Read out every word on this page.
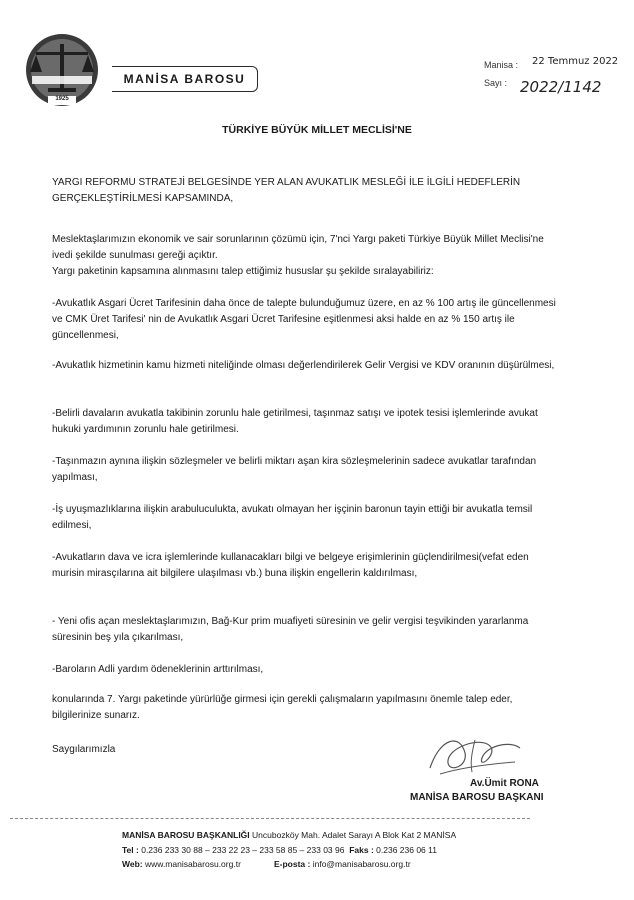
1925
MANİSA BAROSU
Manisa : 22 Temmuz 2022
Sayı : 2022/1142
TÜRKİYE BÜYÜK MİLLET MECLİSİ'NE
YARGI REFORMU STRATEJİ BELGESİNDE YER ALAN AVUKATLIK MESLEĞİ İLE İLGİLİ HEDEFLERİN GERÇEKLEŞTİRİLMESİ KAPSAMINDA,
Meslektaşlarımızın ekonomik ve sair sorunlarının çözümü için, 7'nci Yargı paketi Türkiye Büyük Millet Meclisi'ne ivedi şekilde sunulması gereği açıktır.
Yargı paketinin kapsamına alınmasını talep ettiğimiz hususlar şu şekilde sıralayabiliriz:
-Avukatlık Asgari Ücret Tarifesinin daha önce de talepte bulunduğumuz üzere, en az % 100 artış ile güncellenmesi ve CMK Üret Tarifesi' nin de Avukatlık Asgari Ücret Tarifesine eşitlenmesi aksi halde en az % 150 artış ile güncellenmesi,
-Avukatlık hizmetinin kamu hizmeti niteliğinde olması değerlendirilerek Gelir Vergisi ve KDV oranının düşürülmesi,
-Belirli davaların avukatla takibinin zorunlu hale getirilmesi, taşınmaz satışı ve ipotek tesisi işlemlerinde avukat hukuki yardımının zorunlu hale getirilmesi.
-Taşınmazın aynına ilişkin sözleşmeler ve belirli miktarı aşan kira sözleşmelerinin sadece avukatlar tarafından yapılması,
-İş uyuşmazlıklarına ilişkin arabuluculukta, avukatı olmayan her işçinin baronun tayin ettiği bir avukatla temsil edilmesi,
-Avukatların dava ve icra işlemlerinde kullanacakları bilgi ve belgeye erişimlerinin güçlendirilmesi(vefat eden murisin mirasçılarına ait bilgilere ulaşılması vb.) buna ilişkin engellerin kaldırılması,
- Yeni ofis açan meslektaşlarımızın, Bağ-Kur prim muafiyeti süresinin ve gelir vergisi teşvikinden yararlanma süresinin beş yıla çıkarılması,
-Baroların Adli yardım ödeneklerinin arttırılması,
konularında 7. Yargı paketinde yürürlüğe girmesi için gerekli çalışmaların yapılmasını önemle talep eder, bilgilerinize sunarız.
Saygılarımızla
Av.Ümit RONA
MANİSA BAROSU BAŞKANI
MANİSA BAROSU BAŞKANLIĞI Uncubozköy Mah. Adalet Sarayı A Blok Kat 2 MANİSA
Tel : 0.236 233 30 88 – 233 22 23 – 233 58 85 – 233 03 96 Faks : 0.236 236 06 11
Web: www.manisabarosu.org.tr	E-posta : info@manisabarosu.org.tr
